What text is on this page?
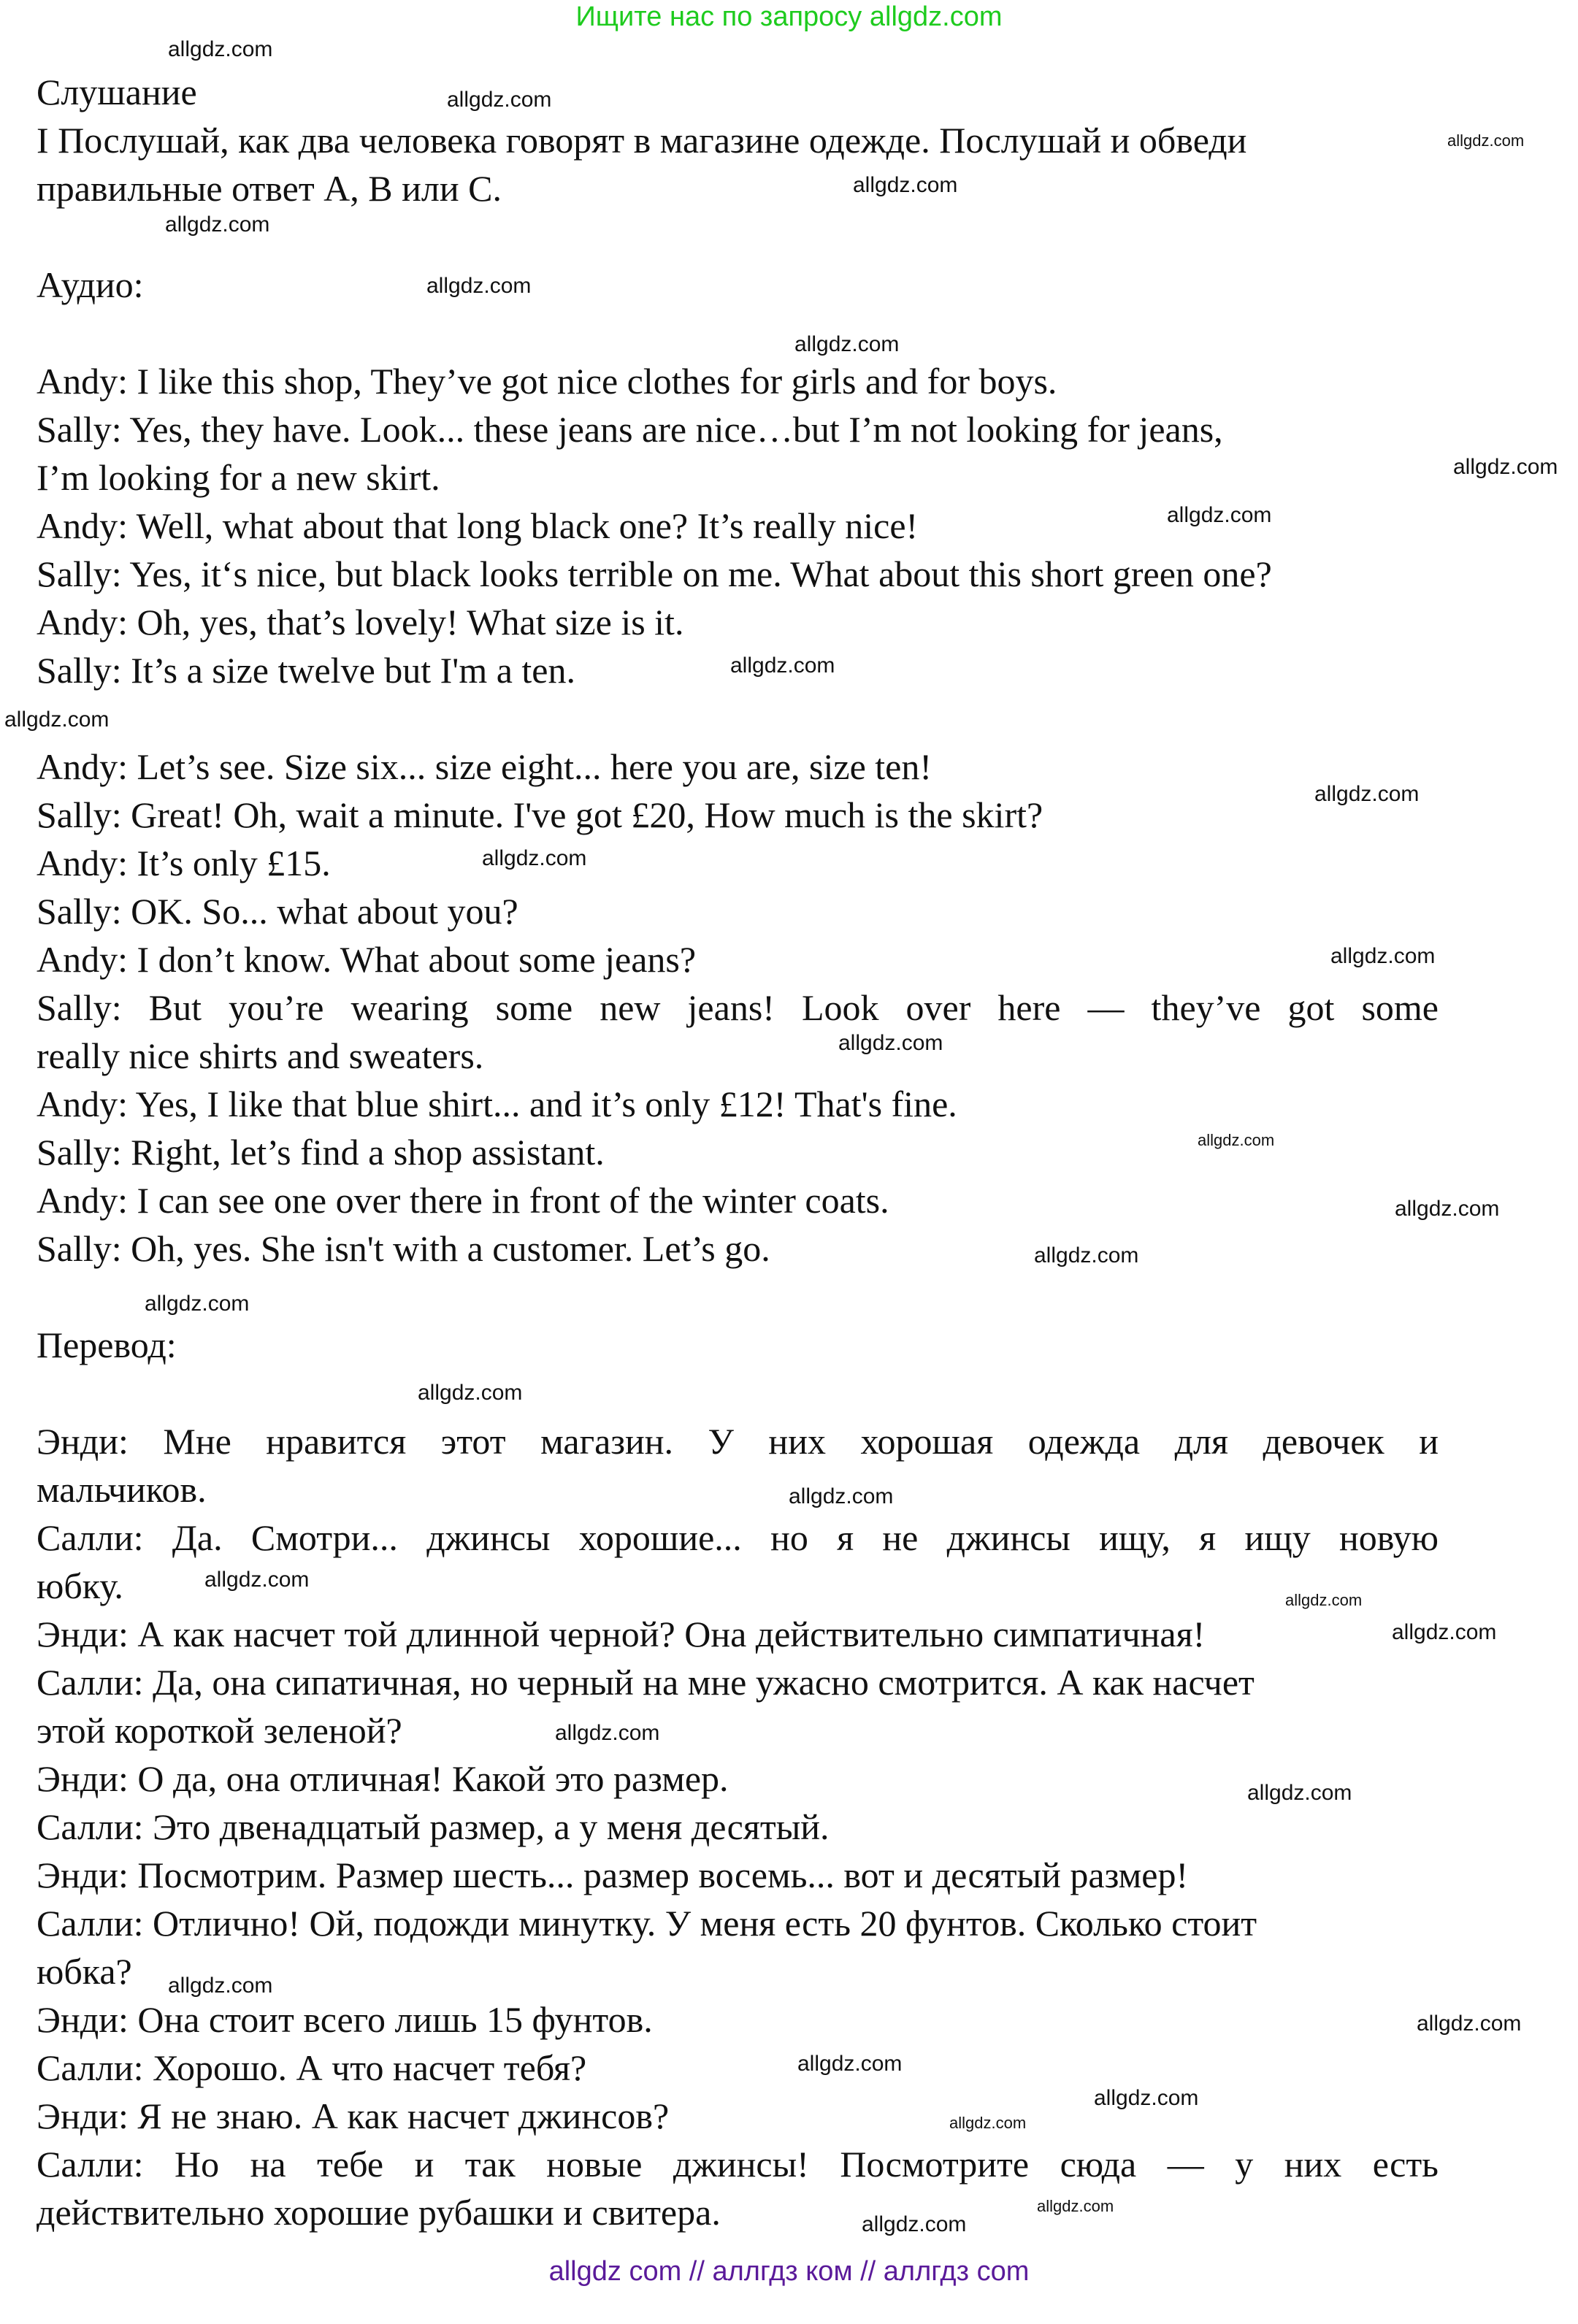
Ищите нас по запросу allgdz.com
Слушание
I Послушай, как два человека говорят в магазине одежде. Послушай и обведи
правильные ответ A, B или C.
Аудио:
Andy: I like this shop, They’ve got nice clothes for girls and for boys.
Sally: Yes, they have. Look... these jeans are nice…but I’m not looking for jeans,
I’m looking for a new skirt.
Andy: Well, what about that long black one? It’s really nice!
Sally: Yes, it‘s nice, but black looks terrible on me. What about this short green one?
Andy: Oh, yes, that’s lovely! What size is it.
Sally: It’s a size twelve but I'm a ten.
Andy: Let’s see. Size six... size eight... here you are, size ten!
Sally: Great! Oh, wait a minute. I've got £20, How much is the skirt?
Andy: It’s only £15.
Sally: OK. So... what about you?
Andy: I don’t know. What about some jeans?
Sally: But you’re wearing some new jeans! Look over here — they’ve got some
really nice shirts and sweaters.
Andy: Yes, I like that blue shirt... and it’s only £12! That's fine.
Sally: Right, let’s find a shop assistant.
Andy: I can see one over there in front of the winter coats.
Sally: Oh, yes. She isn't with a customer. Let’s go.
Перевод:
Энди: Мне нравится этот магазин. У них хорошая одежда для девочек и
мальчиков.
Салли: Да. Смотри... джинсы хорошие... но я не джинсы ищу, я ищу новую
юбку.
Энди: А как насчет той длинной черной? Она действительно симпатичная!
Салли: Да, она сипатичная, но черный на мне ужасно смотрится. А как насчет
этой короткой зеленой?
Энди: О да, она отличная! Какой это размер.
Салли: Это двенадцатый размер, а у меня десятый.
Энди: Посмотрим. Размер шесть... размер восемь... вот и десятый размер!
Салли: Отлично! Ой, подожди минутку. У меня есть 20 фунтов. Сколько стоит
юбка?
Энди: Она стоит всего лишь 15 фунтов.
Салли: Хорошо. А что насчет тебя?
Энди: Я не знаю. А как насчет джинсов?
Салли: Но на тебе и так новые джинсы! Посмотрите сюда — у них есть
действительно хорошие рубашки и свитера.
allgdz.com
allgdz.com
allgdz.com
allgdz.com
allgdz.com
allgdz.com
allgdz.com
allgdz.com
allgdz.com
allgdz.com
allgdz.com
allgdz.com
allgdz.com
allgdz.com
allgdz.com
allgdz.com
allgdz.com
allgdz.com
allgdz.com
allgdz.com
allgdz.com
allgdz.com
allgdz.com
allgdz.com
allgdz.com
allgdz.com
allgdz.com
allgdz.com
allgdz.com
allgdz.com
allgdz.com
allgdz.com
allgdz.com
allgdz com // аллгдз ком // аллгдз com
